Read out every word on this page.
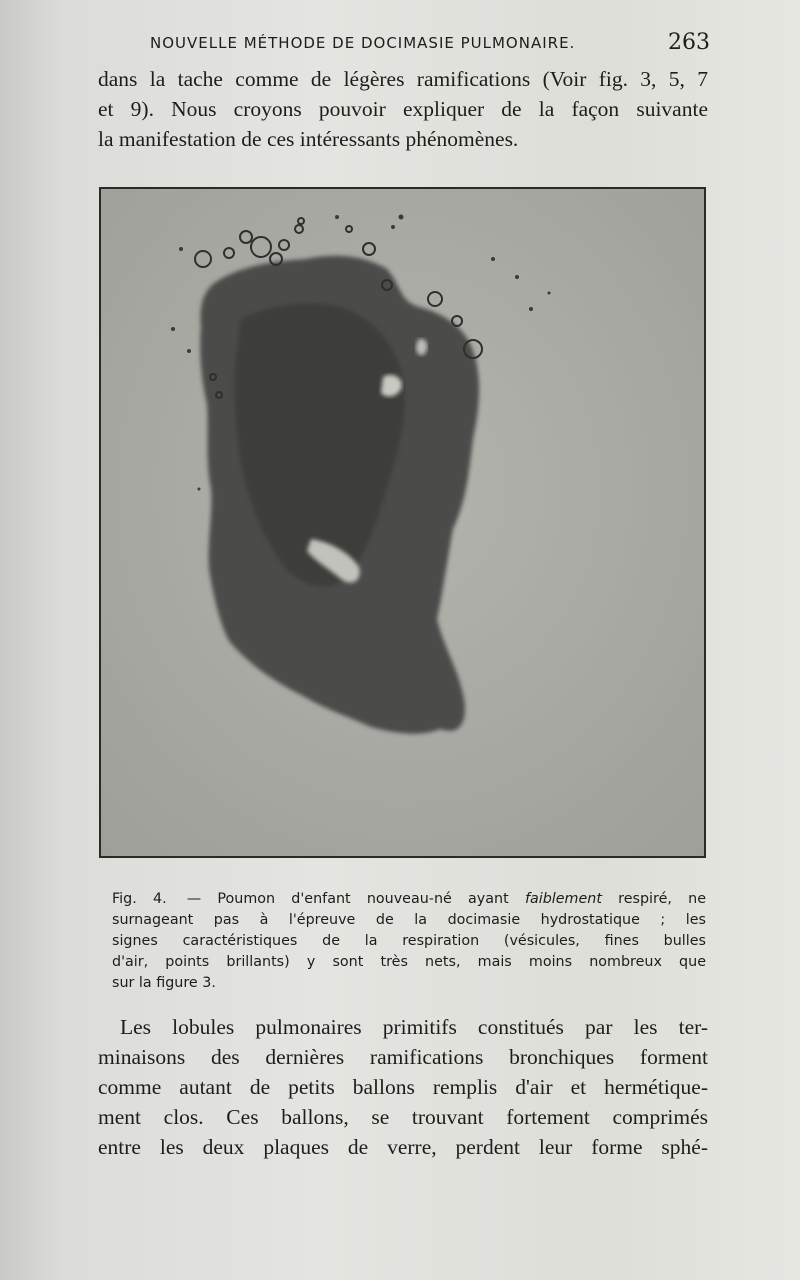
NOUVELLE MÉTHODE DE DOCIMASIE PULMONAIRE.	263
dans la tache comme de légères ramifications (Voir fig. 3, 5, 7
et 9). Nous croyons pouvoir expliquer de la façon suivante
la manifestation de ces intéressants phénomènes.
Fig. 4. — Poumon d'enfant nouveau-né ayant faiblement respiré, ne
surnageant pas à l'épreuve de la docimasie hydrostatique ; les
signes caractéristiques de la respiration (vésicules, fines bulles
d'air, points brillants) y sont très nets, mais moins nombreux que
sur la figure 3.
Les lobules pulmonaires primitifs constitués par les ter-
minaisons des dernières ramifications bronchiques forment
comme autant de petits ballons remplis d'air et hermétique-
ment clos. Ces ballons, se trouvant fortement comprimés
entre les deux plaques de verre, perdent leur forme sphé-
